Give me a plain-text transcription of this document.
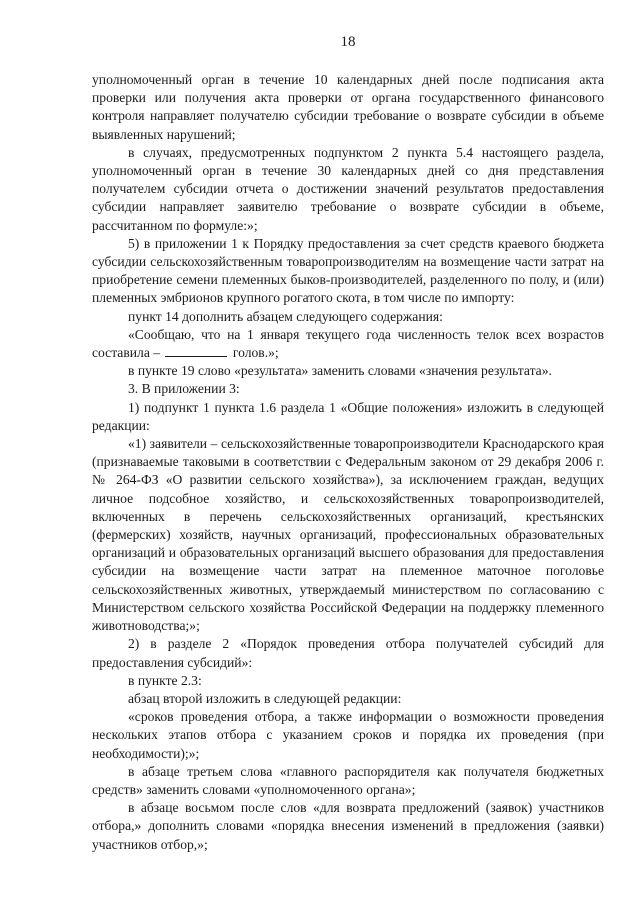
18

уполномоченный орган в течение 10 календарных дней после подписания акта проверки или получения акта проверки от органа государственного финансового контроля направляет получателю субсидии требование о возврате субсидии в объеме выявленных нарушений;

в случаях, предусмотренных подпунктом 2 пункта 5.4 настоящего раздела, уполномоченный орган в течение 30 календарных дней со дня представления получателем субсидии отчета о достижении значений результатов предоставления субсидии направляет заявителю требование о возврате субсидии в объеме, рассчитанном по формуле:»;

5) в приложении 1 к Порядку предоставления за счет средств краевого бюджета субсидии сельскохозяйственным товаропроизводителям на возмещение части затрат на приобретение семени племенных быков-производителей, разделенного по полу, и (или) племенных эмбрионов крупного рогатого скота, в том числе по импорту:

пункт 14 дополнить абзацем следующего содержания:

«Сообщаю, что на 1 января текущего года численность телок всех возрастов составила –	голов.»;

в пункте 19 слово «результата» заменить словами «значения результата».

3. В приложении 3:

1) подпункт 1 пункта 1.6 раздела 1 «Общие положения» изложить в следующей редакции:

«1) заявители – сельскохозяйственные товаропроизводители Краснодарского края (признаваемые таковыми в соответствии с Федеральным законом от 29 декабря 2006 г. № 264-ФЗ «О развитии сельского хозяйства»), за исключением граждан, ведущих личное подсобное хозяйство, и сельскохозяйственных товаропроизводителей, включенных в перечень сельскохозяйственных организаций, крестьянских (фермерских) хозяйств, научных организаций, профессиональных образовательных организаций и образовательных организаций высшего образования для предоставления субсидии на возмещение части затрат на племенное маточное поголовье сельскохозяйственных животных, утверждаемый министерством по согласованию с Министерством сельского хозяйства Российской Федерации на поддержку племенного животноводства;»;

2) в разделе 2 «Порядок проведения отбора получателей субсидий для предоставления субсидий»:

в пункте 2.3:

абзац второй изложить в следующей редакции:

«сроков проведения отбора, а также информации о возможности проведения нескольких этапов отбора с указанием сроков и порядка их проведения (при необходимости);»;

в абзаце третьем слова «главного распорядителя как получателя бюджетных средств» заменить словами «уполномоченного органа»;

в абзаце восьмом после слов «для возврата предложений (заявок) участников отбора,» дополнить словами «порядка внесения изменений в предложения (заявки) участников отбор,»;
